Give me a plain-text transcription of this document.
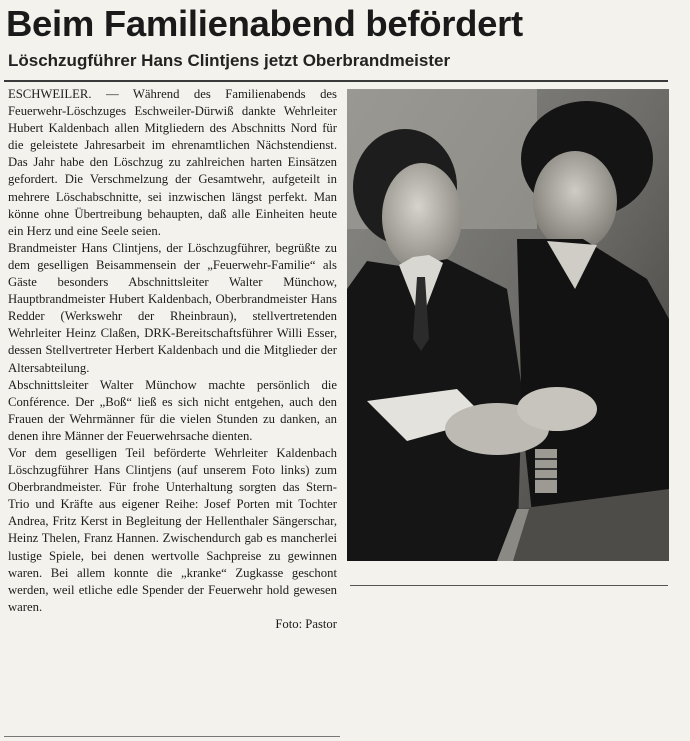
Beim Familienabend befördert
Löschzugführer Hans Clintjens jetzt Oberbrandmeister

ESCHWEILER. — Während des Familienabends des Feuerwehr-Löschzuges Eschweiler-Dürwiß dankte Wehrleiter Hubert Kaldenbach allen Mitgliedern des Abschnitts Nord für die geleistete Jahresarbeit im ehrenamtlichen Nächstendienst. Das Jahr habe den Löschzug zu zahlreichen harten Einsätzen gefordert. Die Verschmelzung der Gesamtwehr, aufgeteilt in mehrere Löschabschnitte, sei inzwischen längst perfekt. Man könne ohne Übertreibung behaupten, daß alle Einheiten heute ein Herz und eine Seele seien.

Brandmeister Hans Clintjens, der Löschzugführer, begrüßte zu dem geselligen Beisammensein der „Feuerwehr-Familie“ als Gäste besonders Abschnittsleiter Walter Münchow, Hauptbrandmeister Hubert Kaldenbach, Oberbrandmeister Hans Redder (Werkswehr der Rheinbraun), stellvertretenden Wehrleiter Heinz Claßen, DRK-Bereitschaftsführer Willi Esser, dessen Stellvertreter Herbert Kaldenbach und die Mitglieder der Altersabteilung.

Abschnittsleiter Walter Münchow machte persönlich die Conférence. Der „Boß“ ließ es sich nicht entgehen, auch den Frauen der Wehrmänner für die vielen Stunden zu danken, an denen ihre Männer der Feuerwehrsache dienten.

Vor dem geselligen Teil beförderte Wehrleiter Kaldenbach Löschzugführer Hans Clintjens (auf unserem Foto links) zum Oberbrandmeister. Für frohe Unterhaltung sorgten das Stern-Trio und Kräfte aus eigener Reihe: Josef Porten mit Tochter Andrea, Fritz Kerst in Begleitung der Hellenthaler Sängerschar, Heinz Thelen, Franz Hannen. Zwischendurch gab es mancherlei lustige Spiele, bei denen wertvolle Sachpreise zu gewinnen waren. Bei allem konnte die „kranke“ Zugkasse geschont werden, weil etliche edle Spender der Feuerwehr hold gewesen waren.

Foto: Pastor
